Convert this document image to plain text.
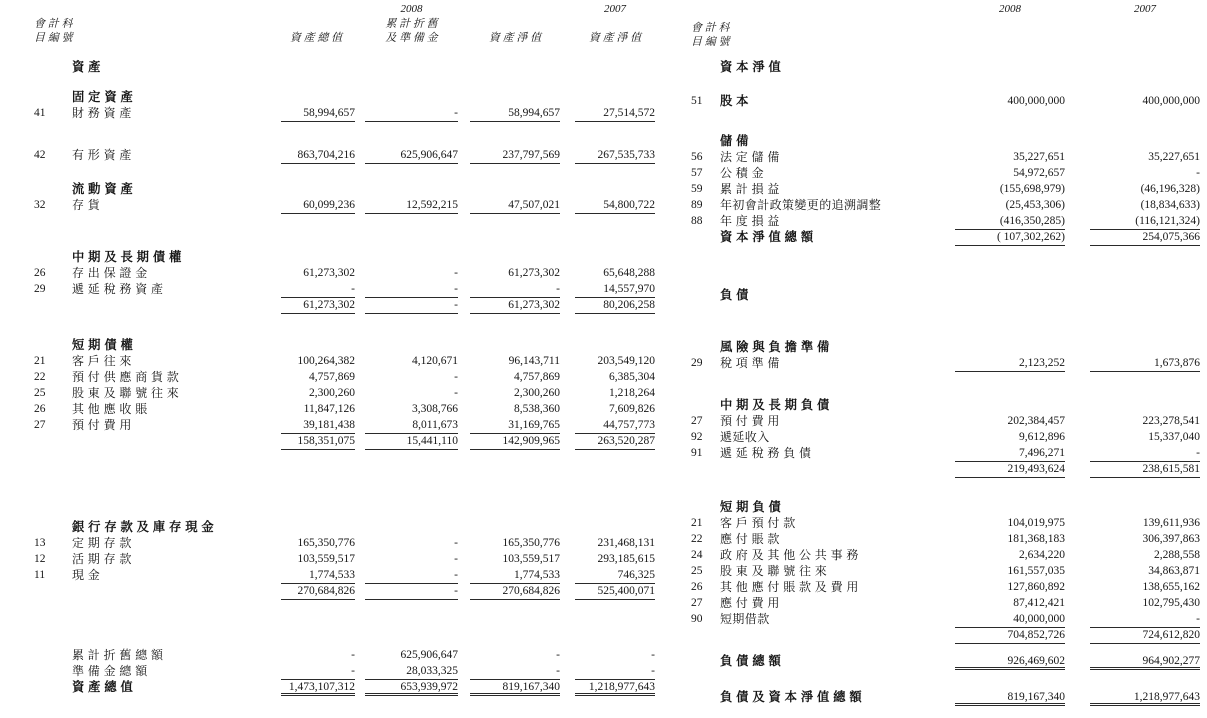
會 計 科
目 編 號
2008	2007
資 產 總 值
累 計 折 舊
及 準 備 金	資 產 淨 值	資 產 淨 值
資 產
固 定 資 產
41	財 務 資 產	58,994,657	-	58,994,657	27,514,572
42	有 形 資 產	863,704,216	625,906,647	237,797,569	267,535,733
流 動 資 產
32	存 貨	60,099,236	12,592,215	47,507,021	54,800,722
中 期 及 長 期 債 權
26	存 出 保 證 金	61,273,302	-	61,273,302	65,648,288
29	遞 延 稅 務 資 產	-	-	-	14,557,970
61,273,302	-	61,273,302	80,206,258
短 期 債 權
21	客 戶 往 來	100,264,382	4,120,671	96,143,711	203,549,120
22	預 付 供 應 商 貨 款	4,757,869	-	4,757,869	6,385,304
25	股 東 及 聯 號 往 來	2,300,260	-	2,300,260	1,218,264
26	其 他 應 收 賬	11,847,126	3,308,766	8,538,360	7,609,826
27	預 付 費 用	39,181,438	8,011,673	31,169,765	44,757,773
158,351,075	15,441,110	142,909,965	263,520,287
銀 行 存 款 及 庫 存 現 金
13	定 期 存 款	165,350,776	-	165,350,776	231,468,131
12	活 期 存 款	103,559,517	-	103,559,517	293,185,615
11	現 金	1,774,533	-	1,774,533	746,325
270,684,826	-	270,684,826	525,400,071
累 計 折 舊 總 額	-	625,906,647	-	-
準 備 金 總 額	-	28,033,325	-	-
資 產 總 值	1,473,107,312	653,939,972	819,167,340	1,218,977,643
會 計 科
目 編 號
2008	2007
資 本 淨 值
51	股 本	400,000,000	400,000,000
儲 備
56	法 定 儲 備	35,227,651	35,227,651
57	公 積 金	54,972,657	-
59	累 計 損 益	(155,698,979)	(46,196,328)
89	年初會計政策變更的追溯調整	(25,453,306)	(18,834,633)
88	年 度 損 益	(416,350,285)	(116,121,324)
資 本 淨 值 總 額	( 107,302,262)	254,075,366
負 債
風 險 與 負 擔 準 備
29	稅 項 準 備	2,123,252	1,673,876
中 期 及 長 期 負 債
27	預 付 費 用	202,384,457	223,278,541
92	遞延收入	9,612,896	15,337,040
91	遞 延 稅 務 負 債	7,496,271	-
219,493,624	238,615,581
短 期 負 債
21	客 戶 預 付 款	104,019,975	139,611,936
22	應 付 賬 款	181,368,183	306,397,863
24	政 府 及 其 他 公 共 事 務	2,634,220	2,288,558
25	股 東 及 聯 號 往 來	161,557,035	34,863,871
26	其 他 應 付 賬 款 及 費 用	127,860,892	138,655,162
27	應 付 費 用	87,412,421	102,795,430
90	短期借款	40,000,000	-
704,852,726	724,612,820
負 債 總 額	926,469,602	964,902,277
負 債 及 資 本 淨 值 總 額	819,167,340	1,218,977,643
